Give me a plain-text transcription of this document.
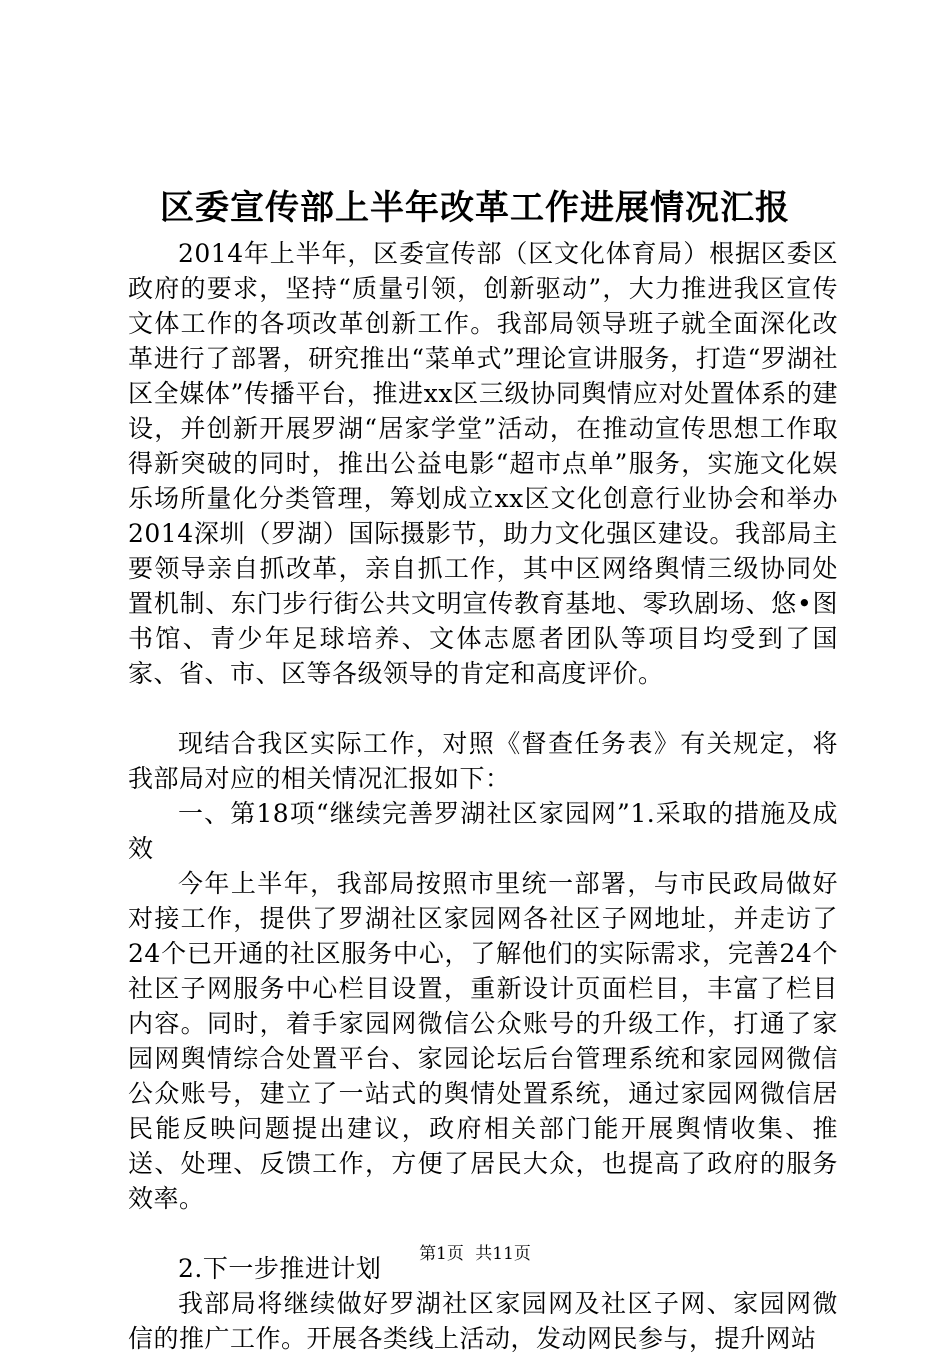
区委宣传部上半年改革工作进展情况汇报

2014年上半年，区委宣传部（区文化体育局）根据区委区政府的要求，坚持“质量引领，创新驱动”，大力推进我区宣传文体工作的各项改革创新工作。我部局领导班子就全面深化改革进行了部署，研究推出“菜单式”理论宣讲服务，打造“罗湖社区全媒体”传播平台，推进xx区三级协同舆情应对处置体系的建设，并创新开展罗湖“居家学堂”活动，在推动宣传思想工作取得新突破的同时，推出公益电影“超市点单”服务，实施文化娱乐场所量化分类管理，筹划成立xx区文化创意行业协会和举办2014深圳（罗湖）国际摄影节，助力文化强区建设。我部局主要领导亲自抓改革，亲自抓工作，其中区网络舆情三级协同处置机制、东门步行街公共文明宣传教育基地、零玖剧场、悠•图书馆、青少年足球培养、文体志愿者团队等项目均受到了国家、省、市、区等各级领导的肯定和高度评价。

现结合我区实际工作，对照《督查任务表》有关规定，将我部局对应的相关情况汇报如下：

一、第18项“继续完善罗湖社区家园网”1.采取的措施及成效

今年上半年，我部局按照市里统一部署，与市民政局做好对接工作，提供了罗湖社区家园网各社区子网地址，并走访了24个已开通的社区服务中心，了解他们的实际需求，完善24个社区子网服务中心栏目设置，重新设计页面栏目，丰富了栏目内容。同时，着手家园网微信公众账号的升级工作，打通了家园网舆情综合处置平台、家园论坛后台管理系统和家园网微信公众账号，建立了一站式的舆情处置系统，通过家园网微信居民能反映问题提出建议，政府相关部门能开展舆情收集、推送、处理、反馈工作，方便了居民大众，也提高了政府的服务效率。

2.下一步推进计划

我部局将继续做好罗湖社区家园网及社区子网、家园网微信的推广工作。开展各类线上活动，发动网民参与，提升网站

第1页 共11页
